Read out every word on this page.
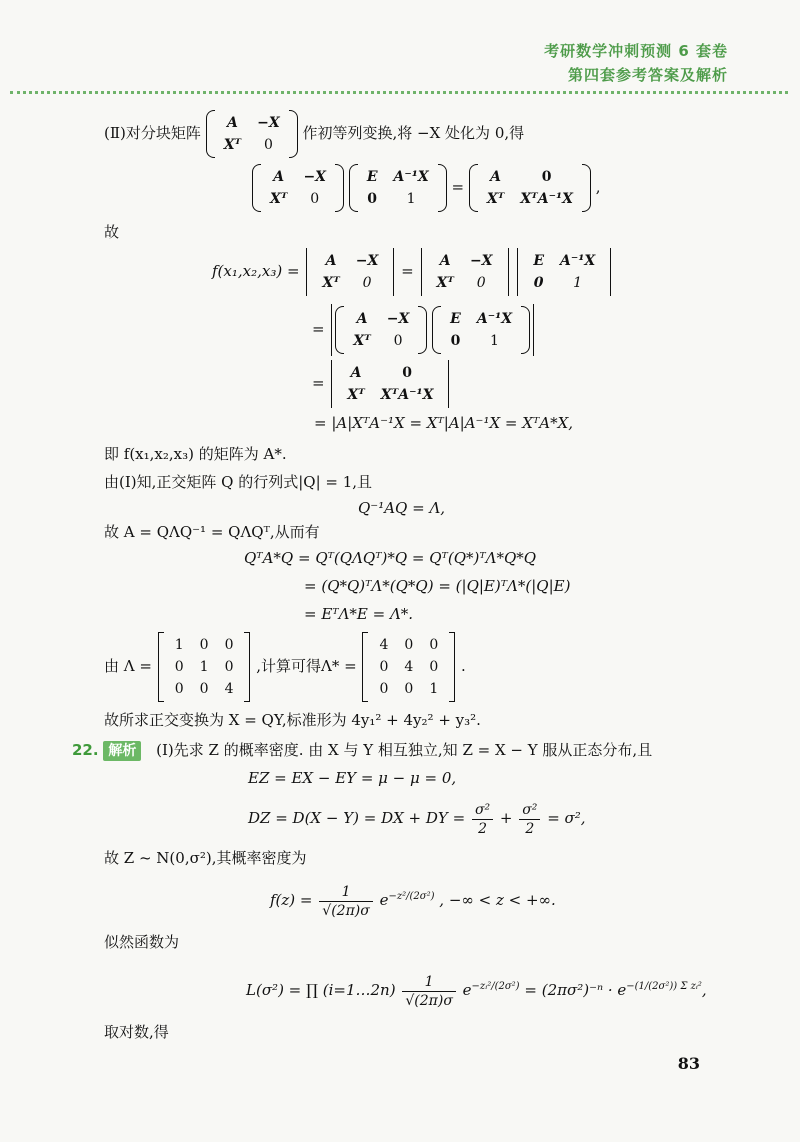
考研数学冲刺预测 6 套卷
第四套参考答案及解析
(Ⅱ)对分块矩阵
A	−X
Xᵀ	0
作初等列变换,将 −X 处化为 0,得
A	−X
Xᵀ	0

E	A⁻¹X
0	1
=
A	0
Xᵀ	XᵀA⁻¹X
,
故
f(x₁,x₂,x₃) =
A	−X
Xᵀ	0
=
A	−X
Xᵀ	0

E	A⁻¹X
0	1
=
A	−X
Xᵀ	0

E	A⁻¹X
0	1
=
A	0
Xᵀ	XᵀA⁻¹X
= |A|XᵀA⁻¹X = Xᵀ|A|A⁻¹X = XᵀA*X,
即 f(x₁,x₂,x₃) 的矩阵为 A*.
由(Ⅰ)知,正交矩阵 Q 的行列式|Q| = 1,且
Q⁻¹AQ = Λ,
故 A = QΛQ⁻¹ = QΛQᵀ,从而有
QᵀA*Q = Qᵀ(QΛQᵀ)*Q = Qᵀ(Q*)ᵀΛ*Q*Q
= (Q*Q)ᵀΛ*(Q*Q) = (|Q|E)ᵀΛ*(|Q|E)
= EᵀΛ*E = Λ*.
由 Λ =
1	0	0
0	1	0
0	0	4
,计算可得Λ* =
4	0	0
0	4	0
0	0	1
.
故所求正交变换为 X = QY,标准形为 4y₁² + 4y₂² + y₃².
22. 解析 (Ⅰ)先求 Z 的概率密度. 由 X 与 Y 相互独立,知 Z = X − Y 服从正态分布,且
EZ = EX − EY = μ − μ = 0,
DZ = D(X − Y) = DX + DY = $\frac{\text{σ²}}{2} + \frac{\text{σ²}}{2} = \sigma^2$,
故 Z ~ N(0,σ²),其概率密度为
$f(z) = \frac{1}{√(2\pi)\sigma} e^{-z^2/(2\sigma^2)}$ , −∞ < z < +∞.
似然函数为
L(σ²) = ∏ (i=1…2n) $\frac{1}{√(2\pi)\sigma} e^{-zᵢ^2/(2\sigma^2)} = (2\pi\sigma^2)^{-n} \cdot e^{-(1/(2\sigma^2)) \Sigma zᵢ^2}$,
取对数,得
83
